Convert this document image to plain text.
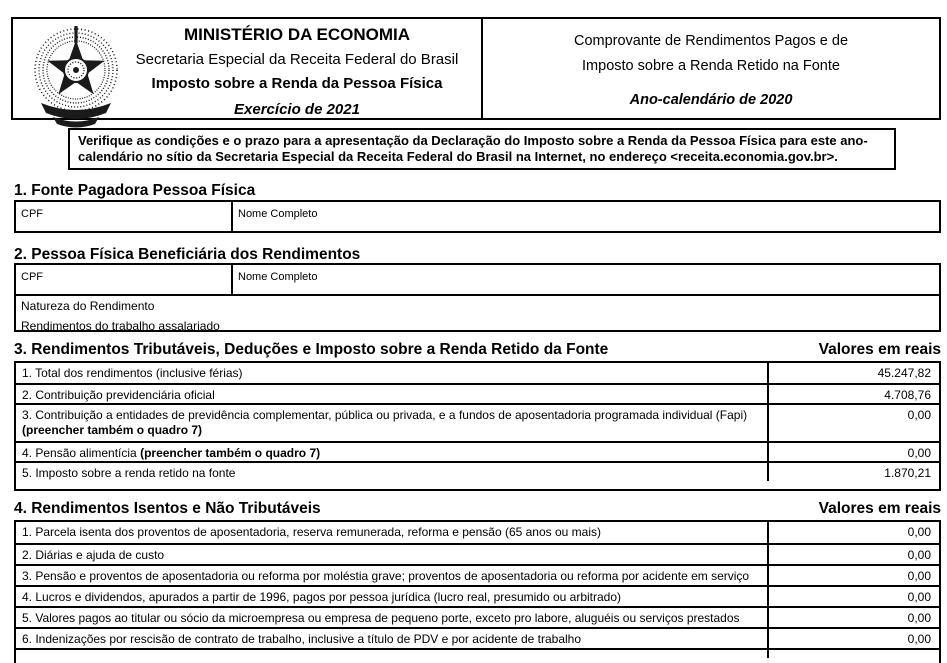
MINISTÉRIO DA ECONOMIA
Secretaria Especial da Receita Federal do Brasil
Imposto sobre a Renda da Pessoa Física
Exercício de 2021
Comprovante de Rendimentos Pagos e de
Imposto sobre a Renda Retido na Fonte
Ano-calendário de 2020
Verifique as condições e o prazo para a apresentação da Declaração do Imposto sobre a Renda da Pessoa Física para este ano-calendário no sítio da Secretaria Especial da Receita Federal do Brasil na Internet, no endereço <receita.economia.gov.br>.
1. Fonte Pagadora Pessoa Física
CPF	Nome Completo
2. Pessoa Física Beneficiária dos Rendimentos
CPF	Nome Completo
Natureza do Rendimento
Rendimentos do trabalho assalariado
3. Rendimentos Tributáveis, Deduções e Imposto sobre a Renda Retido da Fonte	Valores em reais
1. Total dos rendimentos (inclusive férias)	45.247,82
2. Contribuição previdenciária oficial	4.708,76
3. Contribuição a entidades de previdência complementar, pública ou privada, e a fundos de aposentadoria programada individual (Fapi)
(preencher também o quadro 7)
0,00
4. Pensão alimentícia (preencher também o quadro 7)	0,00
5. Imposto sobre a renda retido na fonte	1.870,21
4. Rendimentos Isentos e Não Tributáveis	Valores em reais
1. Parcela isenta dos proventos de aposentadoria, reserva remunerada, reforma e pensão (65 anos ou mais)	0,00
2. Diárias e ajuda de custo	0,00
3. Pensão e proventos de aposentadoria ou reforma por moléstia grave; proventos de aposentadoria ou reforma por acidente em serviço	0,00
4. Lucros e dividendos, apurados a partir de 1996, pagos por pessoa jurídica (lucro real, presumido ou arbitrado)	0,00
5. Valores pagos ao titular ou sócio da microempresa ou empresa de pequeno porte, exceto pro labore, aluguéis ou serviços prestados	0,00
6. Indenizações por rescisão de contrato de trabalho, inclusive a título de PDV e por acidente de trabalho	0,00
